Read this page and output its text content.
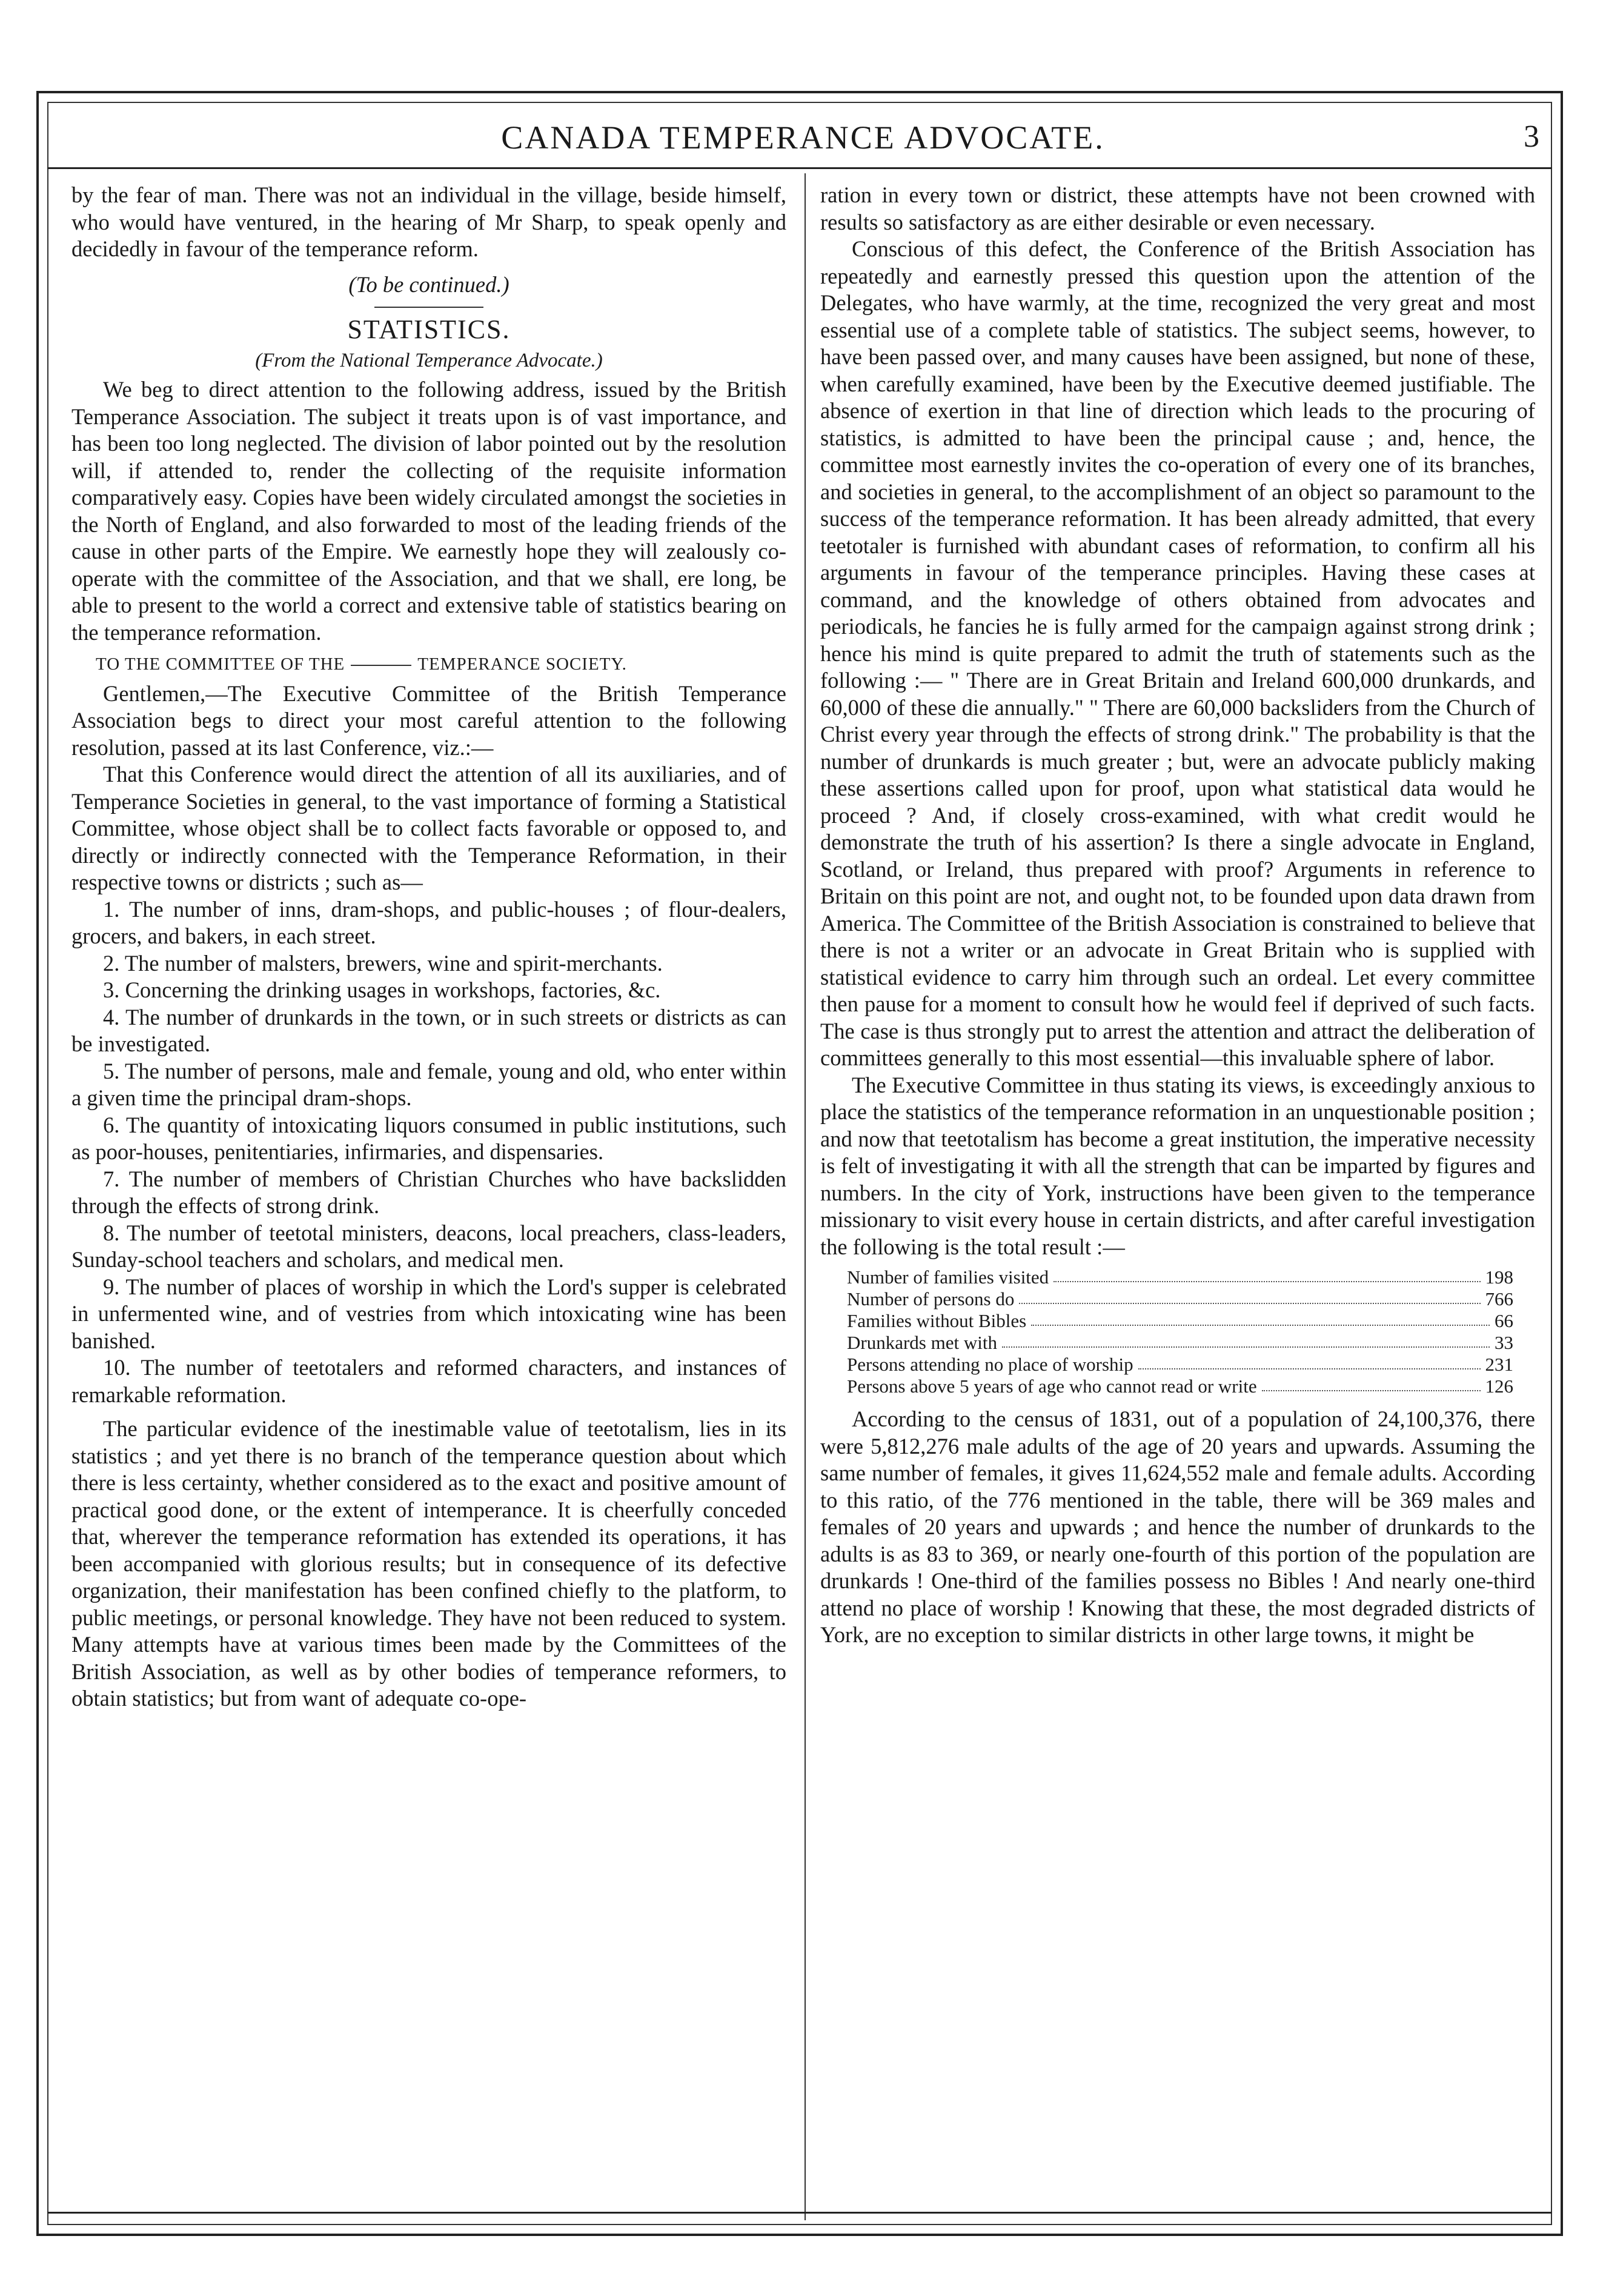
CANADA TEMPERANCE ADVOCATE.	3

by the fear of man. There was not an individual in the village, beside himself, who would have ventured, in the hearing of Mr Sharp, to speak openly and decidedly in favour of the temperance reform.

(To be continued.)

STATISTICS.

(From the National Temperance Advocate.)

We beg to direct attention to the following address, issued by the British Temperance Association. The subject it treats upon is of vast importance, and has been too long neglected. The division of labor pointed out by the resolution will, if attended to, render the collecting of the requisite information comparatively easy. Copies have been widely circulated amongst the societies in the North of England, and also forwarded to most of the leading friends of the cause in other parts of the Empire. We earnestly hope they will zealously co-operate with the committee of the Association, and that we shall, ere long, be able to present to the world a correct and extensive table of statistics bearing on the temperance reformation.

TO THE COMMITTEE OF THE	TEMPERANCE SOCIETY.

Gentlemen,—The Executive Committee of the British Temperance Association begs to direct your most careful attention to the following resolution, passed at its last Conference, viz.:—

That this Conference would direct the attention of all its auxiliaries, and of Temperance Societies in general, to the vast importance of forming a Statistical Committee, whose object shall be to collect facts favorable or opposed to, and directly or indirectly connected with the Temperance Reformation, in their respective towns or districts ; such as—

1. The number of inns, dram-shops, and public-houses ; of flour-dealers, grocers, and bakers, in each street.

2. The number of malsters, brewers, wine and spirit-merchants.

3. Concerning the drinking usages in workshops, factories, &c.

4. The number of drunkards in the town, or in such streets or districts as can be investigated.

5. The number of persons, male and female, young and old, who enter within a given time the principal dram-shops.

6. The quantity of intoxicating liquors consumed in public institutions, such as poor-houses, penitentiaries, infirmaries, and dispensaries.

7. The number of members of Christian Churches who have backslidden through the effects of strong drink.

8. The number of teetotal ministers, deacons, local preachers, class-leaders, Sunday-school teachers and scholars, and medical men.

9. The number of places of worship in which the Lord's supper is celebrated in unfermented wine, and of vestries from which intoxicating wine has been banished.

10. The number of teetotalers and reformed characters, and instances of remarkable reformation.

The particular evidence of the inestimable value of teetotalism, lies in its statistics ; and yet there is no branch of the temperance question about which there is less certainty, whether considered as to the exact and positive amount of practical good done, or the extent of intemperance. It is cheerfully conceded that, wherever the temperance reformation has extended its operations, it has been accompanied with glorious results; but in consequence of its defective organization, their manifestation has been confined chiefly to the platform, to public meetings, or personal knowledge. They have not been reduced to system. Many attempts have at various times been made by the Committees of the British Association, as well as by other bodies of temperance reformers, to obtain statistics; but from want of adequate co-ope-

ration in every town or district, these attempts have not been crowned with results so satisfactory as are either desirable or even necessary.

Conscious of this defect, the Conference of the British Association has repeatedly and earnestly pressed this question upon the attention of the Delegates, who have warmly, at the time, recognized the very great and most essential use of a complete table of statistics. The subject seems, however, to have been passed over, and many causes have been assigned, but none of these, when carefully examined, have been by the Executive deemed justifiable. The absence of exertion in that line of direction which leads to the procuring of statistics, is admitted to have been the principal cause ; and, hence, the committee most earnestly invites the co-operation of every one of its branches, and societies in general, to the accomplishment of an object so paramount to the success of the temperance reformation. It has been already admitted, that every teetotaler is furnished with abundant cases of reformation, to confirm all his arguments in favour of the temperance principles. Having these cases at command, and the knowledge of others obtained from advocates and periodicals, he fancies he is fully armed for the campaign against strong drink ; hence his mind is quite prepared to admit the truth of statements such as the following :— " There are in Great Britain and Ireland 600,000 drunkards, and 60,000 of these die annually." " There are 60,000 backsliders from the Church of Christ every year through the effects of strong drink." The probability is that the number of drunkards is much greater ; but, were an advocate publicly making these assertions called upon for proof, upon what statistical data would he proceed ? And, if closely cross-examined, with what credit would he demonstrate the truth of his assertion? Is there a single advocate in England, Scotland, or Ireland, thus prepared with proof? Arguments in reference to Britain on this point are not, and ought not, to be founded upon data drawn from America. The Committee of the British Association is constrained to believe that there is not a writer or an advocate in Great Britain who is supplied with statistical evidence to carry him through such an ordeal. Let every committee then pause for a moment to consult how he would feel if deprived of such facts. The case is thus strongly put to arrest the attention and attract the deliberation of committees generally to this most essential—this invaluable sphere of labor.

The Executive Committee in thus stating its views, is exceedingly anxious to place the statistics of the temperance reformation in an unquestionable position ; and now that teetotalism has become a great institution, the imperative necessity is felt of investigating it with all the strength that can be imparted by figures and numbers. In the city of York, instructions have been given to the temperance missionary to visit every house in certain districts, and after careful investigation the following is the total result :—

Number of families visited	198
Number of persons do	766
Families without Bibles	66
Drunkards met with	33
Persons attending no place of worship	231
Persons above 5 years of age who cannot read or write	126

According to the census of 1831, out of a population of 24,100,376, there were 5,812,276 male adults of the age of 20 years and upwards. Assuming the same number of females, it gives 11,624,552 male and female adults. According to this ratio, of the 776 mentioned in the table, there will be 369 males and females of 20 years and upwards ; and hence the number of drunkards to the adults is as 83 to 369, or nearly one-fourth of this portion of the population are drunkards ! One-third of the families possess no Bibles ! And nearly one-third attend no place of worship ! Knowing that these, the most degraded districts of York, are no exception to similar districts in other large towns, it might be
